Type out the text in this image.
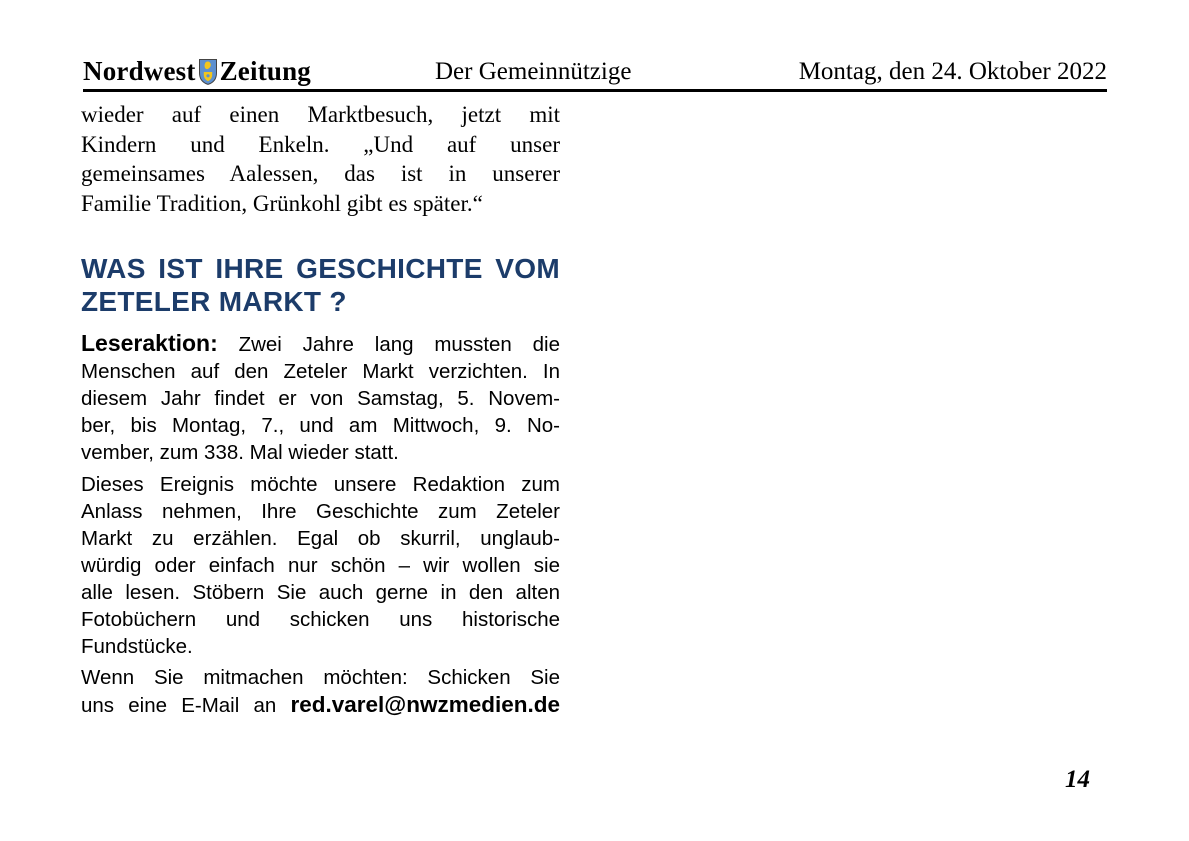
Nordwest Zeitung	Der Gemeinnützige	Montag, den 24. Oktober 2022
wieder auf einen Marktbesuch, jetzt mit
Kindern und Enkeln. „Und auf unser
gemeinsames Aalessen, das ist in unserer
Familie Tradition, Grünkohl gibt es später.“
WAS IST IHRE GESCHICHTE VOM
ZETELER MARKT ?
Leseraktion: Zwei Jahre lang mussten die
Menschen auf den Zeteler Markt verzichten. In
diesem Jahr findet er von Samstag, 5. Novem-
ber, bis Montag, 7., und am Mittwoch, 9. No-
vember, zum 338. Mal wieder statt.
Dieses Ereignis möchte unsere Redaktion zum
Anlass nehmen, Ihre Geschichte zum Zeteler
Markt zu erzählen. Egal ob skurril, unglaub-
würdig oder einfach nur schön – wir wollen sie
alle lesen. Stöbern Sie auch gerne in den alten
Fotobüchern und schicken uns historische
Fundstücke.
Wenn Sie mitmachen möchten: Schicken Sie
uns eine E-Mail an red.varel@nwzmedien.de
14
